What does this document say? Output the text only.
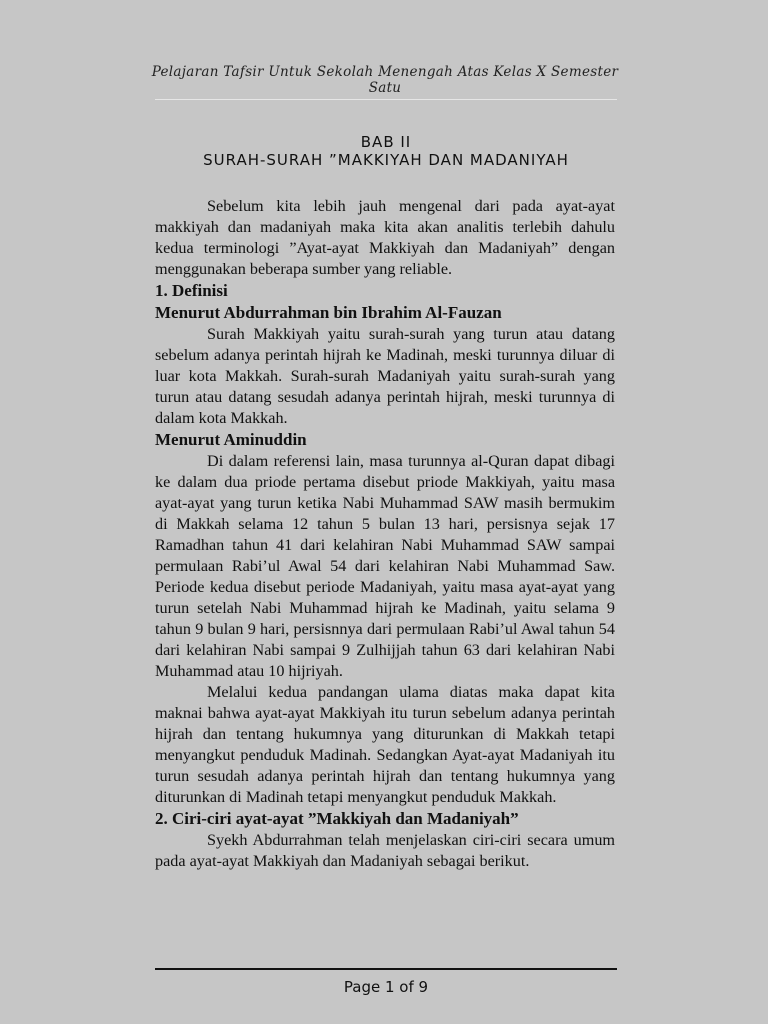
Pelajaran Tafsir Untuk Sekolah Menengah Atas Kelas X Semester Satu
BAB II
SURAH-SURAH ”MAKKIYAH DAN MADANIYAH

Sebelum kita lebih jauh mengenal dari pada ayat-ayat makkiyah dan madaniyah maka kita akan analitis terlebih dahulu kedua terminologi ”Ayat-ayat Makkiyah dan Madaniyah” dengan menggunakan beberapa sumber yang reliable.

1. Definisi
Menurut Abdurrahman bin Ibrahim Al-Fauzan

Surah Makkiyah yaitu surah-surah yang turun atau datang sebelum adanya perintah hijrah ke Madinah, meski turunnya diluar di luar kota Makkah. Surah-surah Madaniyah yaitu surah-surah yang turun atau datang sesudah adanya perintah hijrah, meski turunnya di dalam kota Makkah.

Menurut Aminuddin

Di dalam referensi lain, masa turunnya al-Quran dapat dibagi ke dalam dua priode pertama disebut priode Makkiyah, yaitu masa ayat-ayat yang turun ketika Nabi Muhammad SAW masih bermukim di Makkah selama 12 tahun 5 bulan 13 hari, persisnya sejak 17 Ramadhan tahun 41 dari kelahiran Nabi Muhammad SAW sampai permulaan Rabi’ul Awal 54 dari kelahiran Nabi Muhammad Saw. Periode kedua disebut periode Madaniyah, yaitu masa ayat-ayat yang turun setelah Nabi Muhammad hijrah ke Madinah, yaitu selama 9 tahun 9 bulan 9 hari, persisnnya dari permulaan Rabi’ul Awal tahun 54 dari kelahiran Nabi sampai 9 Zulhijjah tahun 63 dari kelahiran Nabi Muhammad atau 10 hijriyah.

Melalui kedua pandangan ulama diatas maka dapat kita maknai bahwa ayat-ayat Makkiyah itu turun sebelum adanya perintah hijrah dan tentang hukumnya yang diturunkan di Makkah tetapi menyangkut penduduk Madinah. Sedangkan Ayat-ayat Madaniyah itu turun sesudah adanya perintah hijrah dan tentang hukumnya yang diturunkan di Madinah tetapi menyangkut penduduk Makkah.

2. Ciri-ciri ayat-ayat ”Makkiyah dan Madaniyah”

Syekh Abdurrahman telah menjelaskan ciri-ciri secara umum pada ayat-ayat Makkiyah dan Madaniyah sebagai berikut.

Page 1 of 9
